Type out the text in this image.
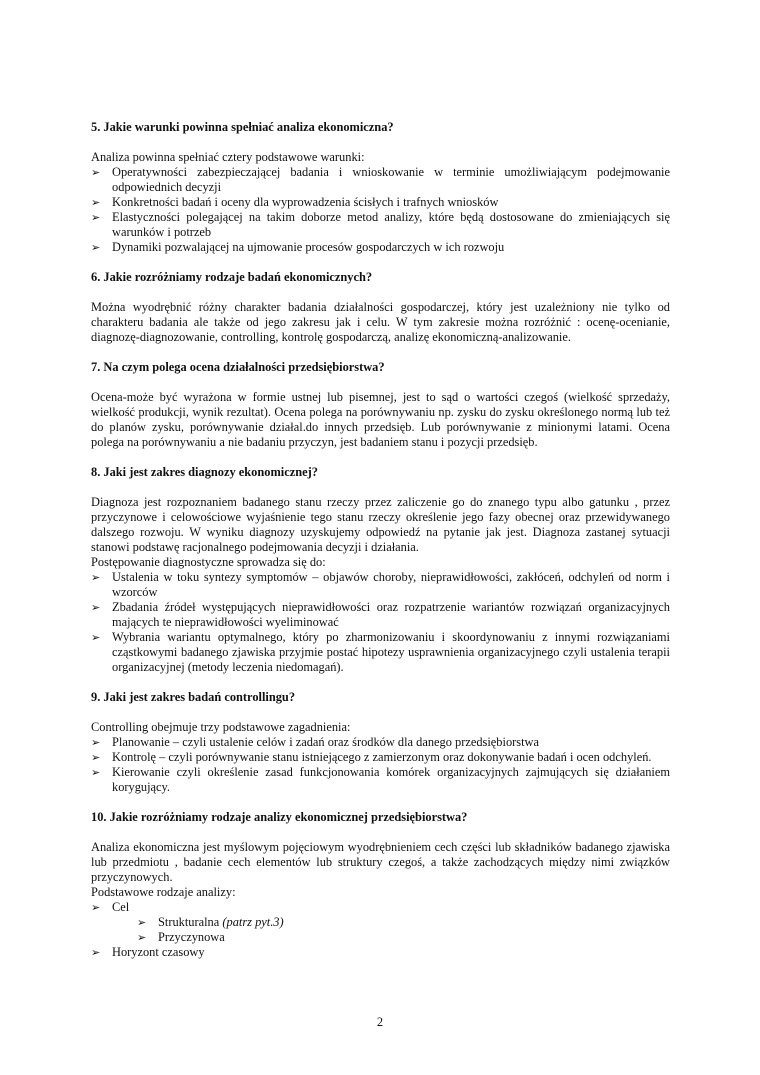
5. Jakie warunki powinna spełniać analiza ekonomiczna?

Analiza powinna spełniać cztery podstawowe warunki:

➢ Operatywności zabezpieczającej badania i wnioskowanie w terminie umożliwiającym podejmowanie odpowiednich decyzji
➢ Konkretności badań i oceny dla wyprowadzenia ścisłych i trafnych wniosków
➢ Elastyczności polegającej na takim doborze metod analizy, które będą dostosowane do zmieniających się warunków i potrzeb
➢ Dynamiki pozwalającej na ujmowanie procesów gospodarczych w ich rozwoju
6. Jakie rozróżniamy rodzaje badań ekonomicznych?

Można wyodrębnić różny charakter badania działalności gospodarczej, który jest uzależniony nie tylko od charakteru badania ale także od jego zakresu jak i celu. W tym zakresie można rozróżnić : ocenę-ocenianie, diagnozę-diagnozowanie, controlling, kontrolę gospodarczą, analizę ekonomiczną-analizowanie.

7. Na czym polega ocena działalności przedsiębiorstwa?

Ocena-może być wyrażona w formie ustnej lub pisemnej, jest to sąd o wartości czegoś (wielkość sprzedaży, wielkość produkcji, wynik rezultat). Ocena polega na porównywaniu np. zysku do zysku określonego normą lub też do planów zysku, porównywanie działal.do innych przedsięb. Lub porównywanie z minionymi latami. Ocena polega na porównywaniu a nie badaniu przyczyn, jest badaniem stanu i pozycji przedsięb.

8. Jaki jest zakres diagnozy ekonomicznej?

Diagnoza jest rozpoznaniem badanego stanu rzeczy przez zaliczenie go do znanego typu albo gatunku , przez przyczynowe i celowościowe wyjaśnienie tego stanu rzeczy określenie jego fazy obecnej oraz przewidywanego dalszego rozwoju. W wyniku diagnozy uzyskujemy odpowiedź na pytanie jak jest. Diagnoza zastanej sytuacji stanowi podstawę racjonalnego podejmowania decyzji i działania.

Postępowanie diagnostyczne sprowadza się do:

➢ Ustalenia w toku syntezy symptomów – objawów choroby, nieprawidłowości, zakłóceń, odchyleń od norm i wzorców
➢ Zbadania źródeł występujących nieprawidłowości oraz rozpatrzenie wariantów rozwiązań organizacyjnych mających te nieprawidłowości wyeliminować
➢ Wybrania wariantu optymalnego, który po zharmonizowaniu i skoordynowaniu z innymi rozwiązaniami cząstkowymi badanego zjawiska przyjmie postać hipotezy usprawnienia organizacyjnego czyli ustalenia terapii organizacyjnej (metody leczenia niedomagań).
9. Jaki jest zakres badań controllingu?

Controlling obejmuje trzy podstawowe zagadnienia:

➢ Planowanie – czyli ustalenie celów i zadań oraz środków dla danego przedsiębiorstwa
➢ Kontrolę – czyli porównywanie stanu istniejącego z zamierzonym oraz dokonywanie badań i ocen odchyleń.
➢ Kierowanie czyli określenie zasad funkcjonowania komórek organizacyjnych zajmujących się działaniem korygujący.
10. Jakie rozróżniamy rodzaje analizy ekonomicznej przedsiębiorstwa?

Analiza ekonomiczna jest myślowym pojęciowym wyodrębnieniem cech części lub składników badanego zjawiska lub przedmiotu , badanie cech elementów lub struktury czegoś, a także zachodzących między nimi związków przyczynowych.

Podstawowe rodzaje analizy:

➢ Cel
➢ Strukturalna (patrz pyt.3)
➢ Przyczynowa
➢ Horyzont czasowy
2
